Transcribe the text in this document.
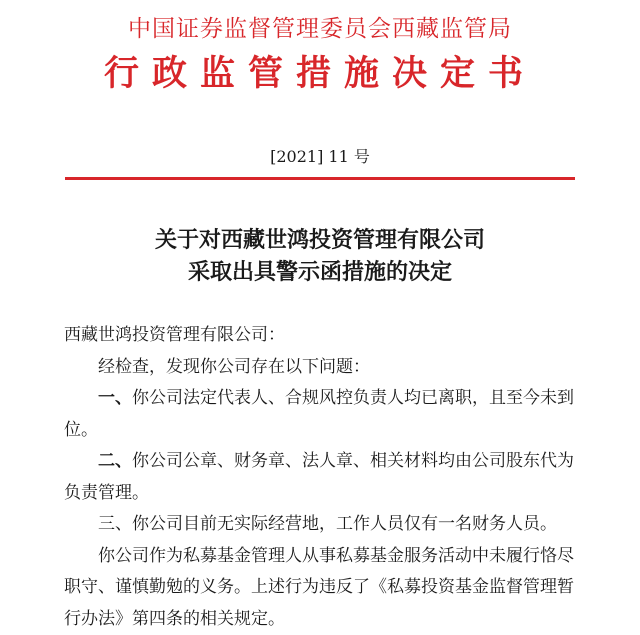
中国证券监督管理委员会西藏监管局
行政监管措施决定书
[2021] 11 号
关于对西藏世鸿投资管理有限公司
采取出具警示函措施的决定

西藏世鸿投资管理有限公司：

经检查，发现你公司存在以下问题：

一、你公司法定代表人、合规风控负责人均已离职，且至今未到位。

二、你公司公章、财务章、法人章、相关材料均由公司股东代为负责管理。

三、你公司目前无实际经营地，工作人员仅有一名财务人员。

你公司作为私募基金管理人从事私募基金服务活动中未履行恪尽职守、谨慎勤勉的义务。上述行为违反了《私募投资基金监督管理暂行办法》第四条的相关规定。
